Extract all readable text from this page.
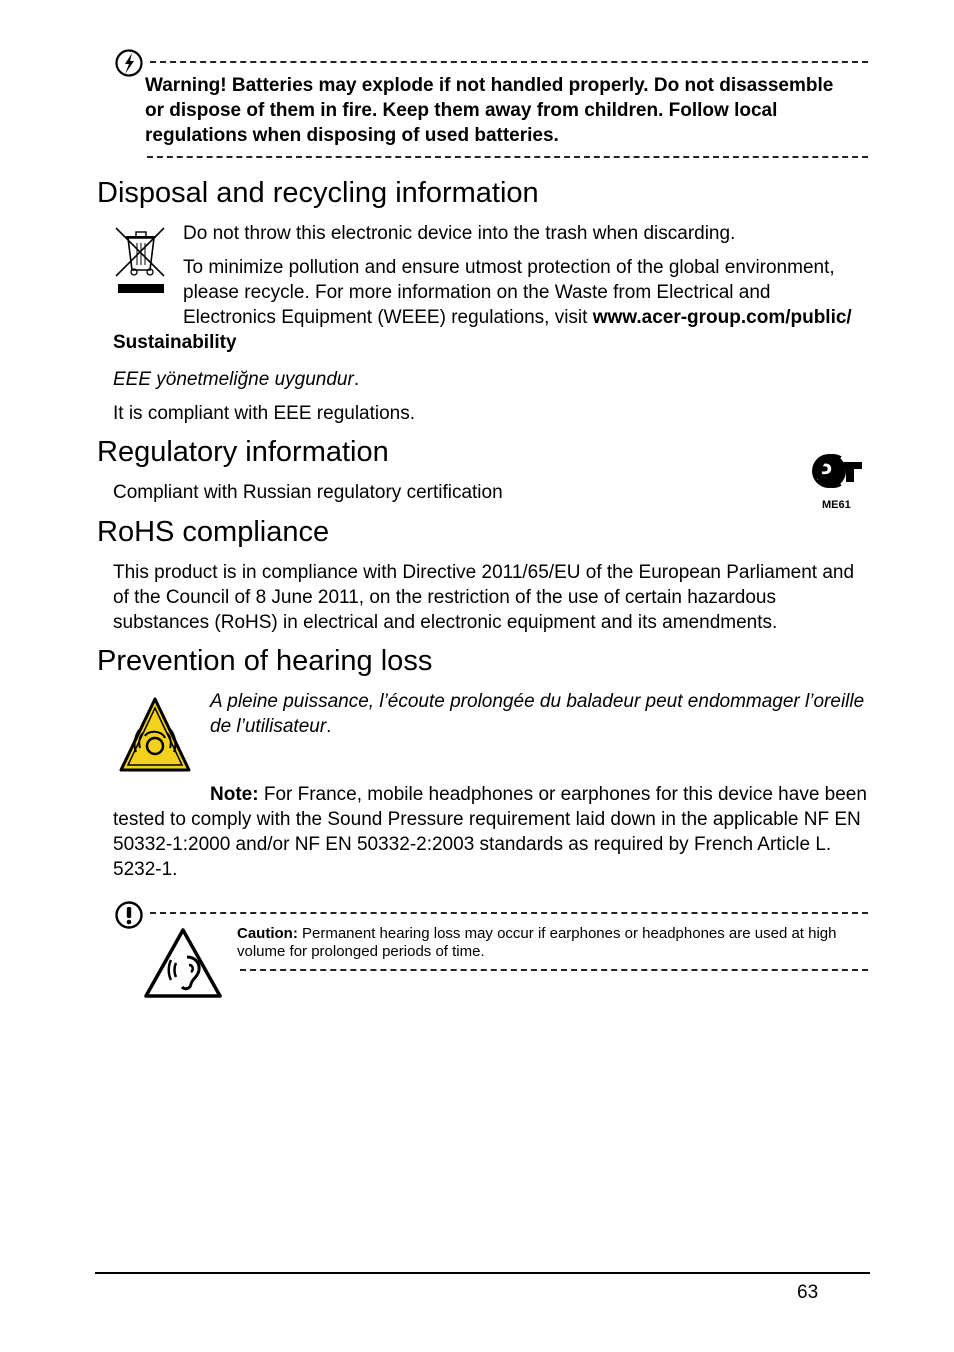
Warning! Batteries may explode if not handled properly. Do not disassemble or dispose of them in fire. Keep them away from children. Follow local regulations when disposing of used batteries.
Disposal and recycling information
Do not throw this electronic device into the trash when discarding.
To minimize pollution and ensure utmost protection of the global environment, please recycle. For more information on the Waste from Electrical and Electronics Equipment (WEEE) regulations, visit www.acer-group.com/public/Sustainability
EEE yönetmeliğne uygundur.
It is compliant with EEE regulations.
Regulatory information
Compliant with Russian regulatory certification
P
ME61
RoHS compliance
This product is in compliance with Directive 2011/65/EU of the European Parliament and of the Council of 8 June 2011, on the restriction of the use of certain hazardous substances (RoHS) in electrical and electronic equipment and its amendments.
Prevention of hearing loss
A pleine puissance, l’écoute prolongée du baladeur peut endommager l’oreille de l’utilisateur.
Note: For France, mobile headphones or earphones for this device have been tested to comply with the Sound Pressure requirement laid down in the applicable NF EN 50332-1:2000 and/or NF EN 50332-2:2003 standards as required by French Article L. 5232-1.
Caution: Permanent hearing loss may occur if earphones or headphones are used at high volume for prolonged periods of time.
63
